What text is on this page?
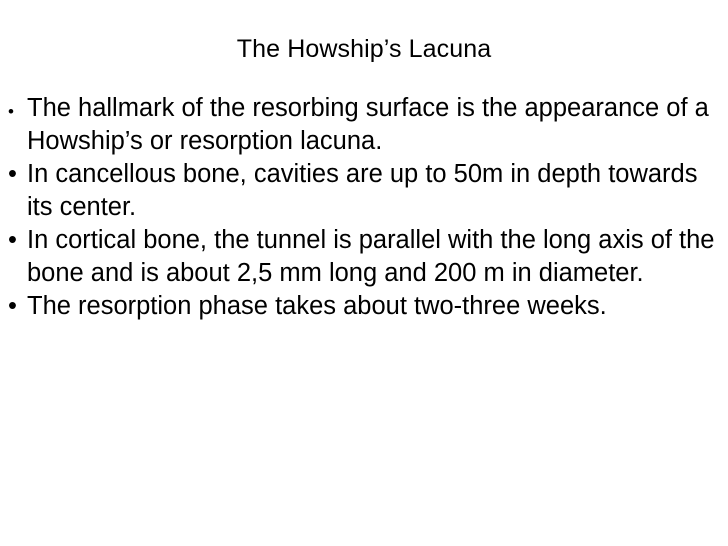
The Howship’s Lacuna
• The hallmark of the resorbing surface is the appearance of a Howship’s or resorption lacuna.
• In cancellous bone, cavities are up to 50m in depth towards its center.
• In cortical bone, the tunnel is parallel with the long axis of the bone and is about 2,5 mm long and 200 m in diameter.
• The resorption phase takes about two-three weeks.
